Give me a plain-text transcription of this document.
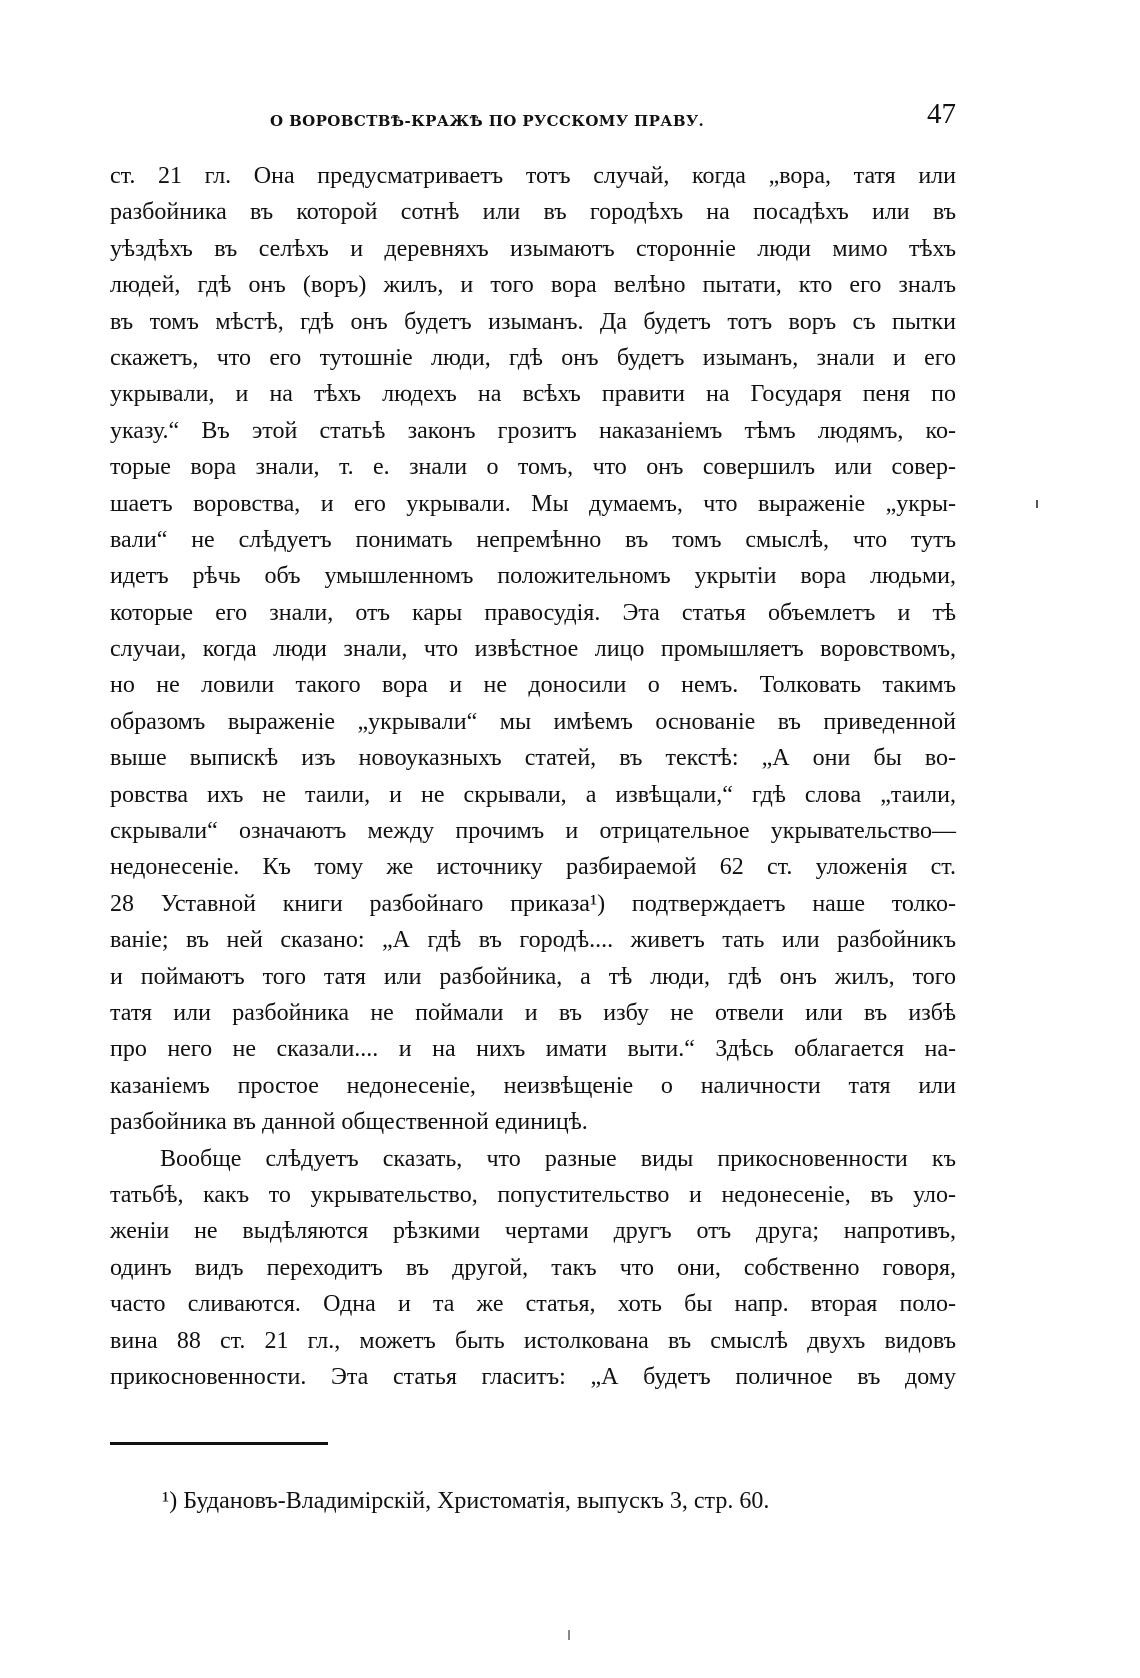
О ВОРОВСТВѢ-КРАЖѢ ПО РУССКОМУ ПРАВУ.	47
ст. 21 гл. Она предусматриваетъ тотъ случай, когда „вора, татя или
разбойника въ которой сотнѣ или въ городѣхъ на посадѣхъ или въ
уѣздѣхъ въ селѣхъ и деревняхъ изымаютъ сторонніе люди мимо тѣхъ
людей, гдѣ онъ (воръ) жилъ, и того вора велѣно пытати, кто его зналъ
въ томъ мѣстѣ, гдѣ онъ будетъ изыманъ. Да будетъ тотъ воръ съ пытки
скажетъ, что его тутошніе люди, гдѣ онъ будетъ изыманъ, знали и его
укрывали, и на тѣхъ людехъ на всѣхъ правити на Государя пеня по
указу.“ Въ этой статьѣ законъ грозитъ наказаніемъ тѣмъ людямъ, ко-
торые вора знали, т. е. знали о томъ, что онъ совершилъ или совер-
шаетъ воровства, и его укрывали. Мы думаемъ, что выраженіе „укры-
вали“ не слѣдуетъ понимать непремѣнно въ томъ смыслѣ, что тутъ
идетъ рѣчь объ умышленномъ положительномъ укрытіи вора людьми,
которые его знали, отъ кары правосудія. Эта статья объемлетъ и тѣ
случаи, когда люди знали, что извѣстное лицо промышляетъ воровствомъ,
но не ловили такого вора и не доносили о немъ. Толковать такимъ
образомъ выраженіе „укрывали“ мы имѣемъ основаніе въ приведенной
выше выпискѣ изъ новоуказныхъ статей, въ текстѣ: „А они бы во-
ровства ихъ не таили, и не скрывали, а извѣщали,“ гдѣ слова „таили,
скрывали“ означаютъ между прочимъ и отрицательное укрывательство—
недонесеніе. Къ тому же источнику разбираемой 62 ст. уложенія ст.
28 Уставной книги разбойнаго приказа¹) подтверждаетъ наше толко-
ваніе; въ ней сказано: „А гдѣ въ городѣ.... живетъ тать или разбойникъ
и поймаютъ того татя или разбойника, а тѣ люди, гдѣ онъ жилъ, того
татя или разбойника не поймали и въ избу не отвели или въ избѣ
про него не сказали.... и на нихъ имати выти.“ Здѣсь облагается на-
казаніемъ простое недонесеніе, неизвѣщеніе о наличности татя или
разбойника въ данной общественной единицѣ.
Вообще слѣдуетъ сказать, что разные виды прикосновенности къ
татьбѣ, какъ то укрывательство, попустительство и недонесеніе, въ уло-
женіи не выдѣляются рѣзкими чертами другъ отъ друга; напротивъ,
одинъ видъ переходитъ въ другой, такъ что они, собственно говоря,
часто сливаются. Одна и та же статья, хоть бы напр. вторая поло-
вина 88 ст. 21 гл., можетъ быть истолкована въ смыслѣ двухъ видовъ
прикосновенности. Эта статья гласитъ: „А будетъ поличное въ дому
¹) Будановъ-Владимірскій, Христоматія, выпускъ 3, стр. 60.
